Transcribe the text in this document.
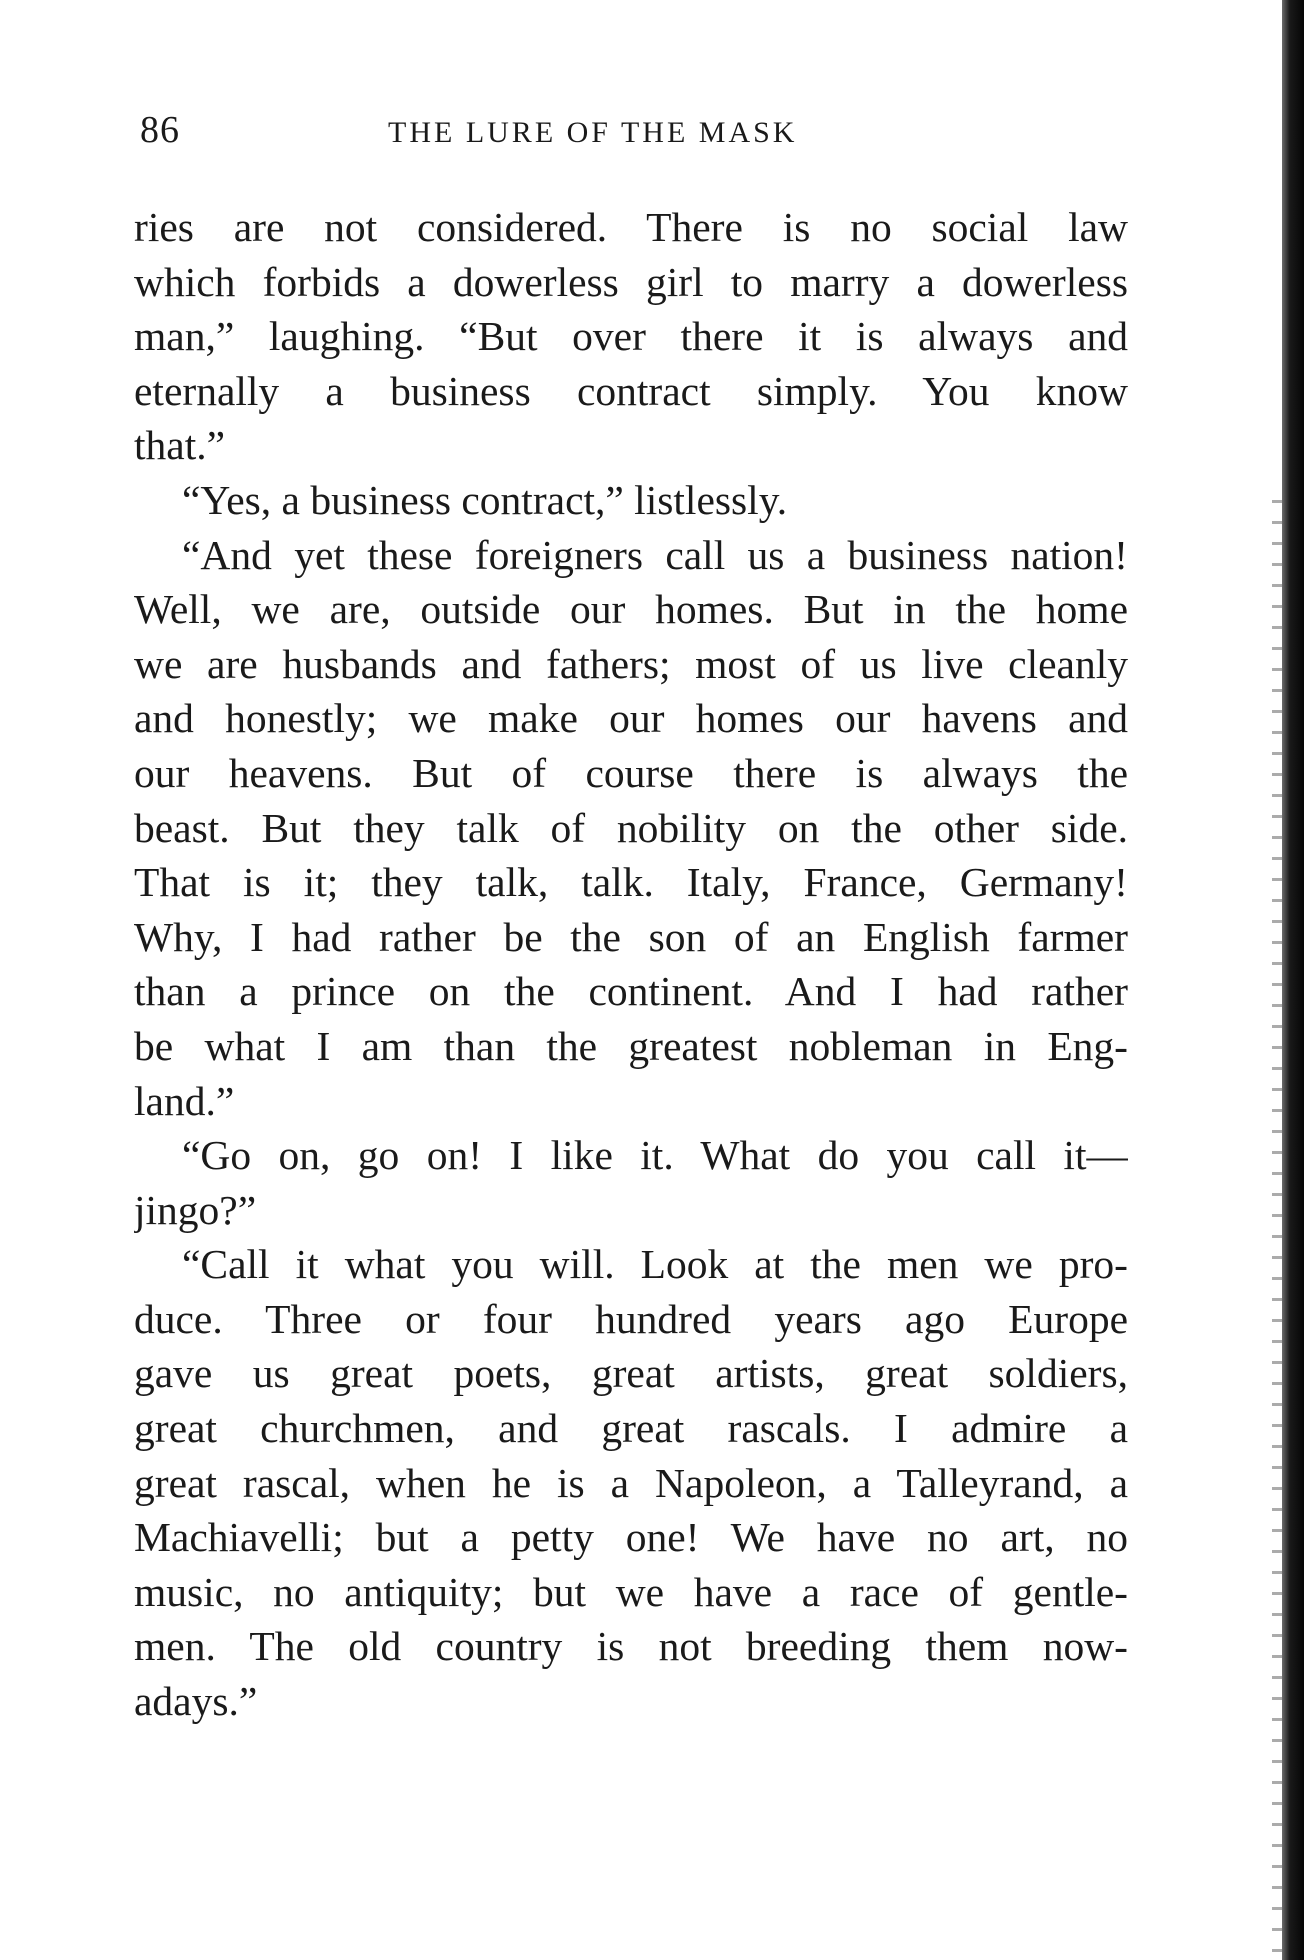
86	THE LURE OF THE MASK
ries are not considered. There is no social law
which forbids a dowerless girl to marry a dowerless
man,” laughing. “But over there it is always and
eternally a business contract simply. You know
that.”
“Yes, a business contract,” listlessly.
“And yet these foreigners call us a business nation!
Well, we are, outside our homes. But in the home
we are husbands and fathers; most of us live cleanly
and honestly; we make our homes our havens and
our heavens. But of course there is always the
beast. But they talk of nobility on the other side.
That is it; they talk, talk. Italy, France, Germany!
Why, I had rather be the son of an English farmer
than a prince on the continent. And I had rather
be what I am than the greatest nobleman in Eng-
land.”
“Go on, go on! I like it. What do you call it—
jingo?”
“Call it what you will. Look at the men we pro-
duce. Three or four hundred years ago Europe
gave us great poets, great artists, great soldiers,
great churchmen, and great rascals. I admire a
great rascal, when he is a Napoleon, a Talleyrand, a
Machiavelli; but a petty one! We have no art, no
music, no antiquity; but we have a race of gentle-
men. The old country is not breeding them now-
adays.”
